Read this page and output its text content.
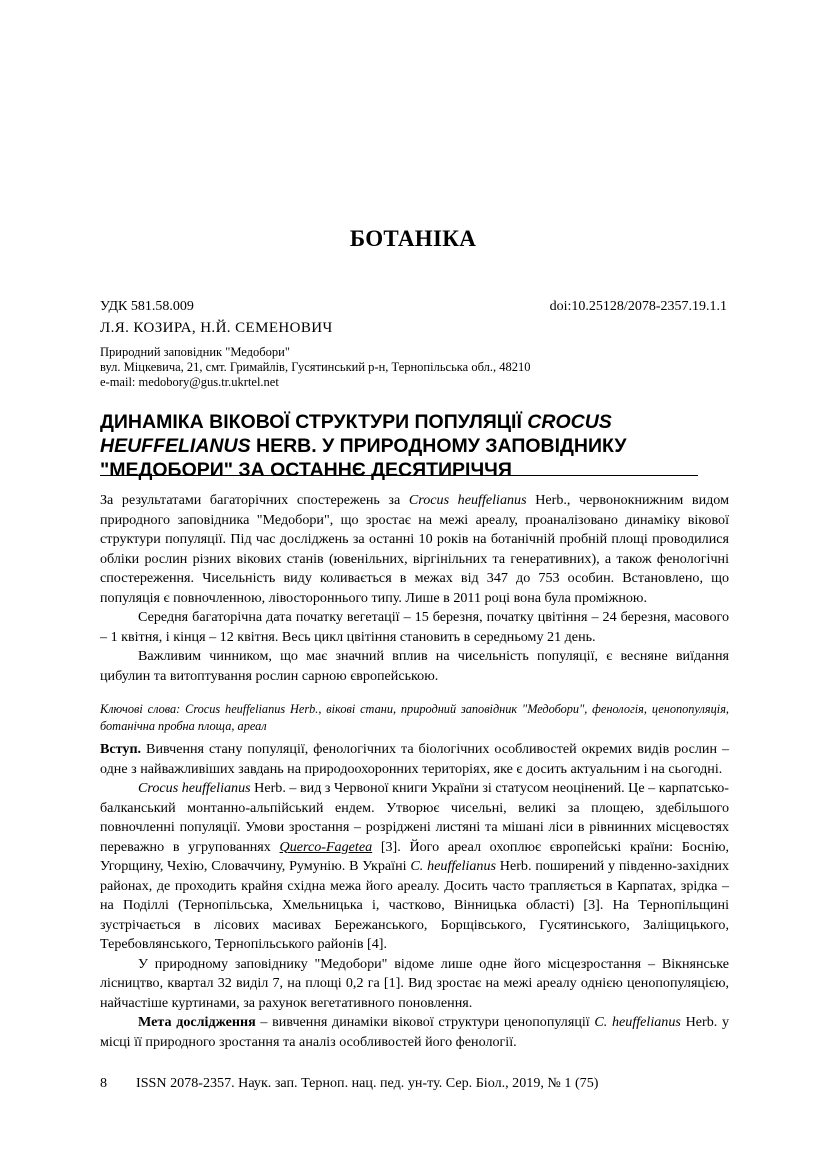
БОТАНІКА
УДК 581.58.009	doi:10.25128/2078-2357.19.1.1
Л.Я. КОЗИРА, Н.Й. СЕМЕНОВИЧ
Природний заповідник "Медобори"
вул. Міцкевича, 21, смт. Гримайлів, Гусятинський р-н, Тернопільська обл., 48210
e-mail: medobory@gus.tr.ukrtel.net
ДИНАМІКА ВІКОВОЇ СТРУКТУРИ ПОПУЛЯЦІЇ CROCUS
HEUFFELIANUS HERB. У ПРИРОДНОМУ ЗАПОВІДНИКУ
"МЕДОБОРИ" ЗА ОСТАННЄ ДЕСЯТИРІЧЧЯ

За результатами багаторічних спостережень за Crocus heuffelianus Herb., червонокнижним видом природного заповідника "Медобори", що зростає на межі ареалу, проаналізовано динаміку вікової структури популяції. Під час досліджень за останні 10 років на ботанічній пробній площі проводилися обліки рослин різних вікових станів (ювенільних, віргінільних та генеративних), а також фенологічні спостереження. Чисельність виду коливається в межах від 347 до 753 особин. Встановлено, що популяція є повночленною, лівостороннього типу. Лише в 2011 році вона була проміжною.

Середня багаторічна дата початку вегетації – 15 березня, початку цвітіння – 24 березня, масового – 1 квітня, і кінця – 12 квітня. Весь цикл цвітіння становить в середньому 21 день.

Важливим чинником, що має значний вплив на чисельність популяції, є весняне виїдання цибулин та витоптування рослин сарною європейською.

Ключові слова: Crocus heuffelianus Herb., вікові стани, природний заповідник "Медобори", фенологія, ценопопуляція, ботанічна пробна площа, ареал

Вступ. Вивчення стану популяції, фенологічних та біологічних особливостей окремих видів рослин – одне з найважливіших завдань на природоохоронних територіях, яке є досить актуальним і на сьогодні.

Crocus heuffelianus Herb. – вид з Червоної книги України зі статусом неоцінений. Це – карпатсько-балканський монтанно-альпійський ендем. Утворює чисельні, великі за площею, здебільшого повночленні популяції. Умови зростання – розріджені листяні та мішані ліси в рівнинних місцевостях переважно в угрупованнях Querco-Fagetea [3]. Його ареал охоплює європейські країни: Боснію, Угорщину, Чехію, Словаччину, Румунію. В Україні C. heuffelianus Herb. поширений у південно-західних районах, де проходить крайня східна межа його ареалу. Досить часто трапляється в Карпатах, зрідка – на Поділлі (Тернопільська, Хмельницька і, частково, Вінницька області) [3]. На Тернопільщині зустрічається в лісових масивах Бережанського, Борщівського, Гусятинського, Заліщицького, Теребовлянського, Тернопільського районів [4].

У природному заповіднику "Медобори" відоме лише одне його місцезростання – Вікнянське лісництво, квартал 32 виділ 7, на площі 0,2 га [1]. Вид зростає на межі ареалу однією ценопопуляцією, найчастіше куртинами, за рахунок вегетативного поновлення.

Мета дослідження – вивчення динаміки вікової структури ценопопуляції C. heuffelianus Herb. у місці її природного зростання та аналіз особливостей його фенології.

8 ISSN 2078-2357. Наук. зап. Терноп. нац. пед. ун-ту. Сер. Біол., 2019, № 1 (75)
